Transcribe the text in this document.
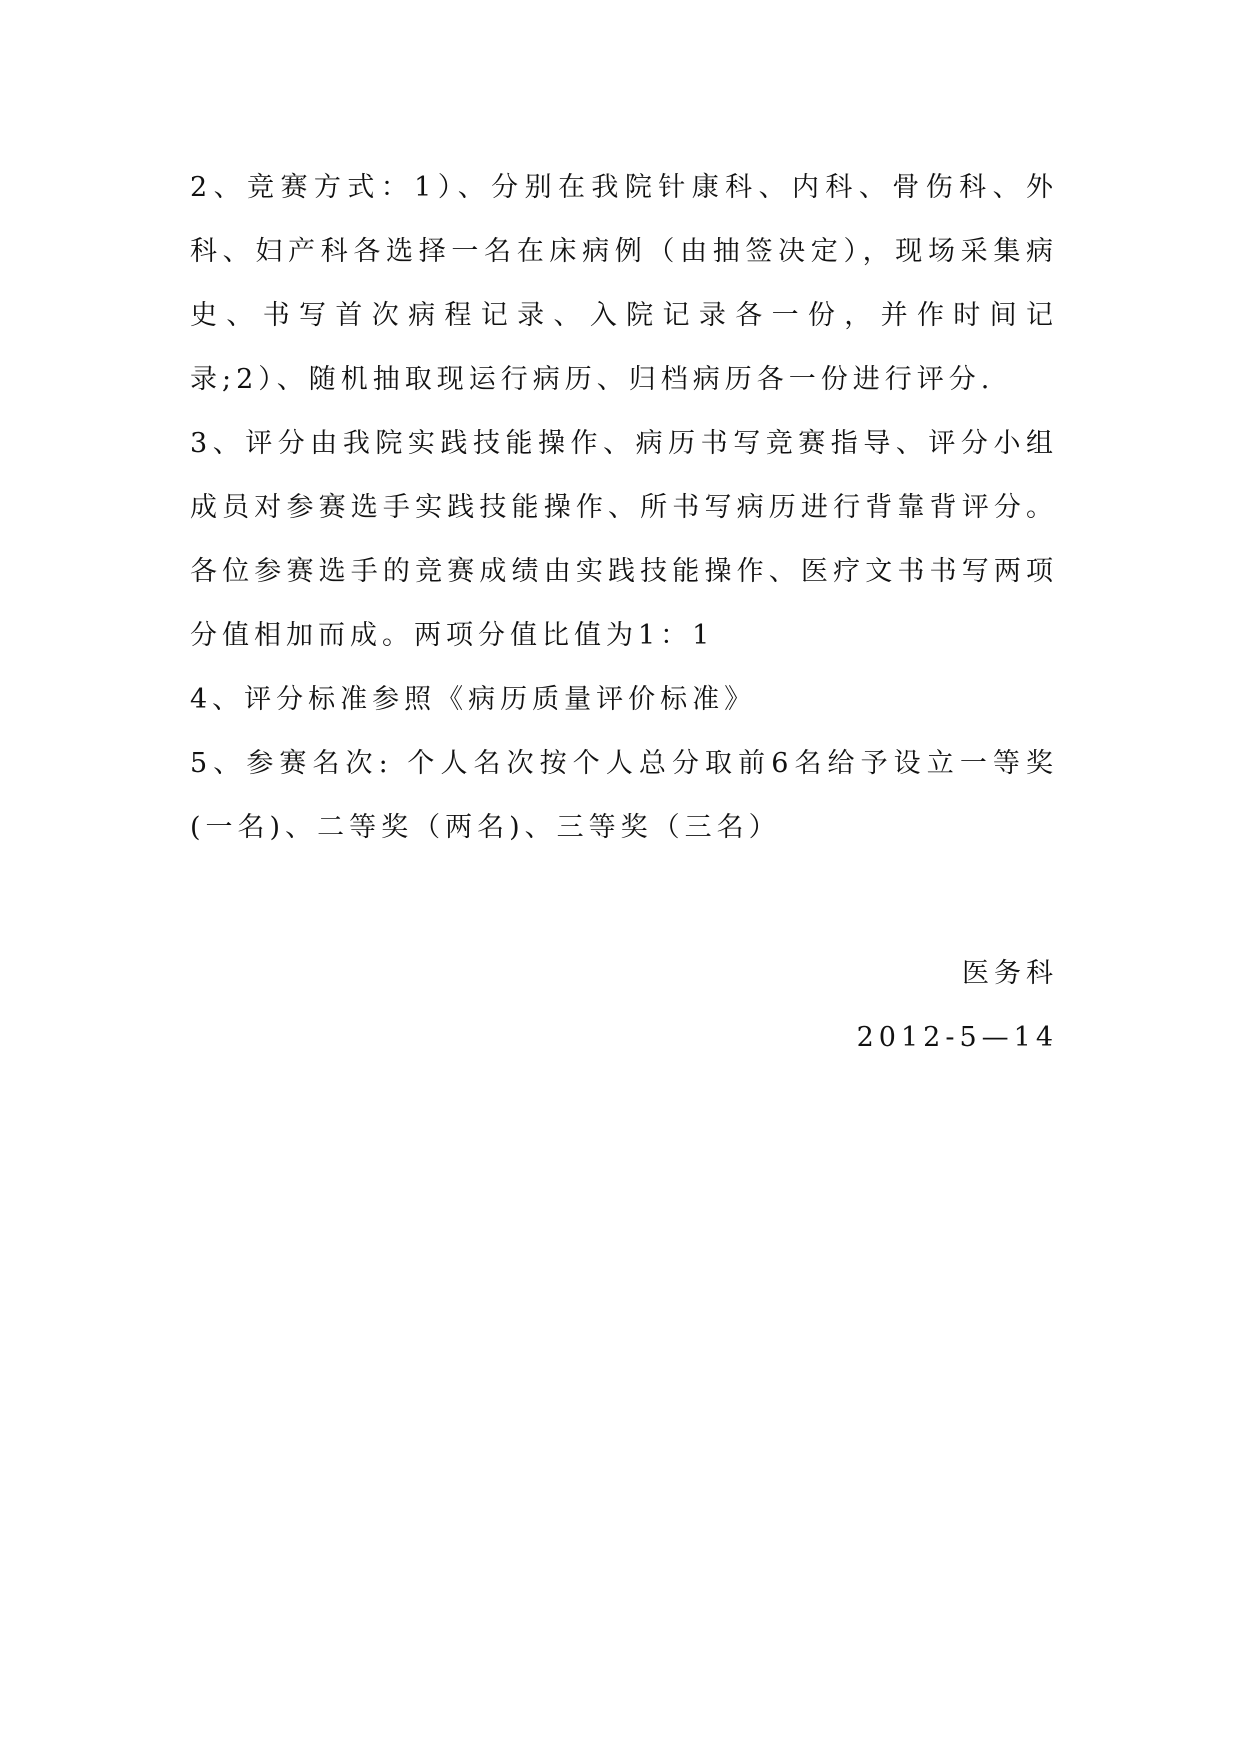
2、竞赛方式：1）、分别在我院针康科、内科、骨伤科、外科、妇产科各选择一名在床病例（由抽签决定），现场采集病史、书写首次病程记录、入院记录各一份，并作时间记录;2）、随机抽取现运行病历、归档病历各一份进行评分.

3、评分由我院实践技能操作、病历书写竞赛指导、评分小组成员对参赛选手实践技能操作、所书写病历进行背靠背评分。各位参赛选手的竞赛成绩由实践技能操作、医疗文书书写两项分值相加而成。两项分值比值为1：1

4、评分标准参照《病历质量评价标准》

5、参赛名次: 个人名次按个人总分取前6名给予设立一等奖(一名)、二等奖（两名)、三等奖（三名）

医务科
2012-5—14
